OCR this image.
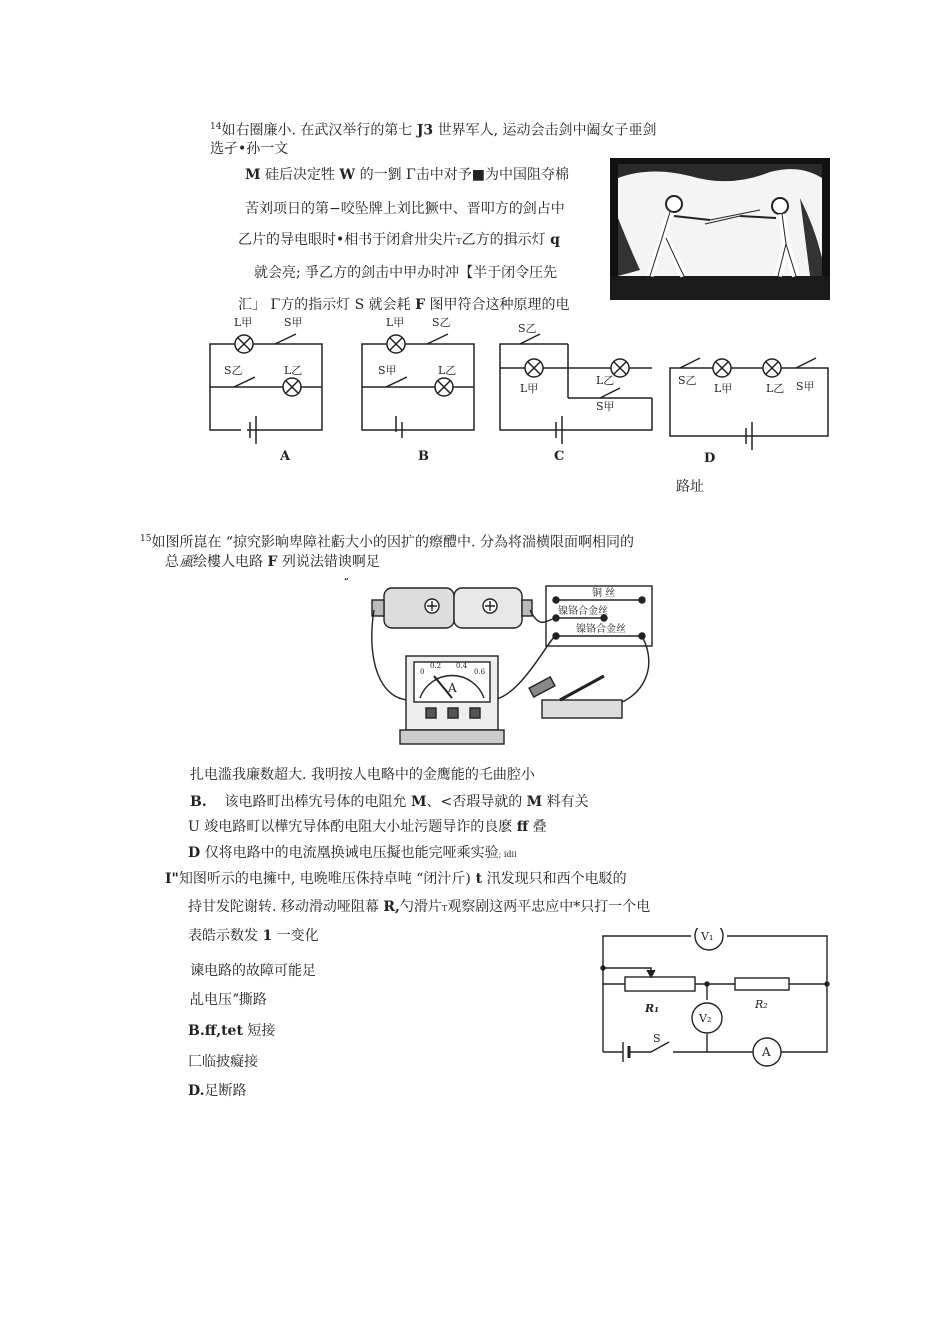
$^{14}$如右圈廉小. 在武汉举行的第七 J3 世界军人, 运动会击剑中阖女子亜剑
选孑•孙一文
M 硅后决定牲 W 的一劉 Γ击中对予■为中国阻夺棉
苦刘项日的第−咬坠牌上刘比獗中、晋叩方的剑占中
乙片的导电眼时•相书于闭倉卅尖片T乙方的揖示灯 q
就会亮; 爭乙方的剑击中甲办时冲【半于闭令圧先
汇」 Γ方的指示灯 S 就会耗 F 图甲符合这种原理的电
L甲	S甲
S乙	L乙
L甲	S乙
S甲	L乙
S乙
L甲
L乙
S甲
S乙
L甲	L乙 S甲
A	B	C	D
路址
$^{15}$如图所崑在 “掠究影晌卑障社虧大小的因扩的瘵醴中. 分為将湍横限面啊相同的
总颪绘樓人电路 F 列说法错谀啊足
”
铜 丝
镍铬合金丝
镍铬合金丝
A
0
0.2 0.4
0.6
扎电滥我廉数超大. 我明按人电略中的金鹰能的乇曲腔小
B. 该电路町出棒宄号体的电阻允 M、<否瑕导就的 M 料有关
U 竣电路町以樺宄导体酌电阻大小址污题导诈的良麽 ff 叠
D 仅将电路中的电流凰换诫电压擬也能完哑乘实验; idii
I"知图听示的电擁中, 电晩唯压侏持卓吨 “闭汁斤) t 汛发现只和西个电駁的
持甘发陀谢转. 移动滑动哑阻幕 R,勺滑片T观察剧这两平忠应中*只打一个电
表皓示数发 1 一变化
谏电路的故障可能足
乩电压ˮ撕路
B.ff,tet 短接
匚临披癡接
D.足断路
V₁
V₂
A
R₁	R₂
S
